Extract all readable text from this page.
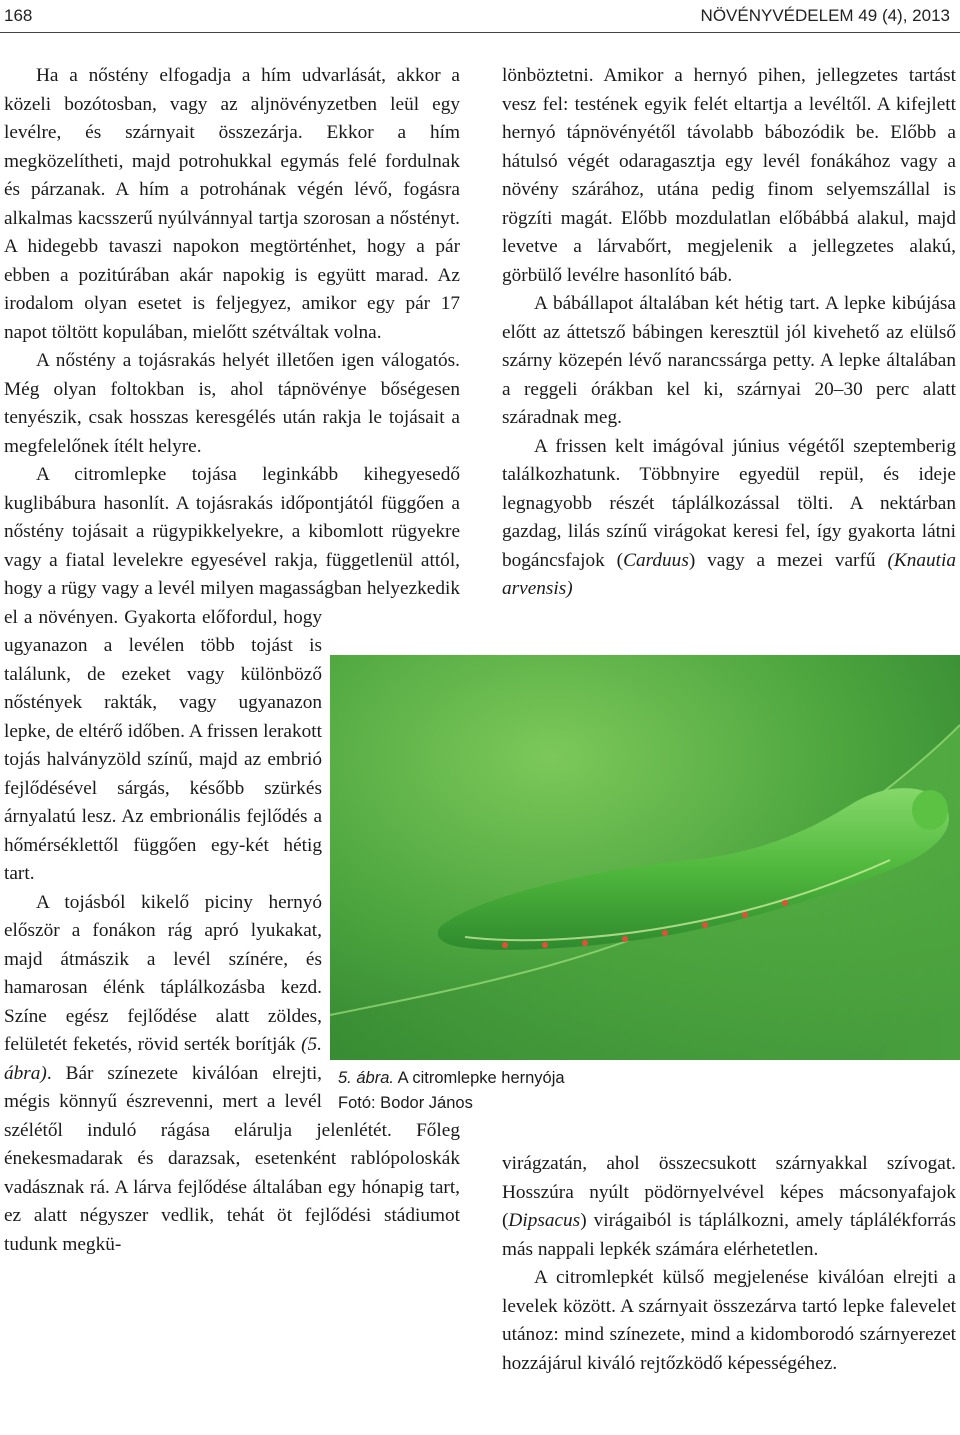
168	NÖVÉNYVÉDELEM 49 (4), 2013

Ha a nőstény elfogadja a hím udvarlását, akkor a közeli bozótosban, vagy az aljnövényzetben leül egy levélre, és szárnyait összezárja. Ekkor a hím megközelítheti, majd potrohukkal egymás felé fordulnak és párzanak. A hím a potrohának végén lévő, fogásra alkalmas kacsszerű nyúlvánnyal tartja szorosan a nőstényt. A hidegebb tavaszi napokon megtörténhet, hogy a pár ebben a pozitúrában akár napokig is együtt marad. Az irodalom olyan esetet is feljegyez, amikor egy pár 17 napot töltött kopulában, mielőtt szétváltak volna.

A nőstény a tojásrakás helyét illetően igen válogatós. Még olyan foltokban is, ahol tápnövénye bőségesen tenyészik, csak hosszas keresgélés után rakja le tojásait a megfelelőnek ítélt helyre.

A citromlepke tojása leginkább kihegyesedő kuglibábura hasonlít. A tojásrakás időpontjától függően a nőstény tojásait a rügypikkelyekre, a kibomlott rügyekre vagy a fiatal levelekre egyesével rakja, függetlenül attól, hogy a rügy vagy a levél milyen magasságban helyezkedik el a növényen. Gyakorta előfordul, hogy ugyanazon a levélen több tojást is találunk, de ezeket vagy különböző nőstények rakták, vagy ugyanazon lepke, de eltérő időben. A frissen lerakott tojás halványzöld színű, majd az embrió fejlődésével sárgás, később szürkés árnyalatú lesz. Az embrionális fejlődés a hőmérséklettől függően egy-két hétig tart.

A tojásból kikelő piciny hernyó először a fonákon rág apró lyukakat, majd átmászik a levél színére, és hamarosan élénk táplálkozásba kezd. Színe egész fejlődése alatt zöldes, felületét feketés, rövid serték borítják (5. ábra). Bár színezete kiválóan elrejti, mégis könnyű észrevenni, mert a levél szélétől induló rágása elárulja jelenlétét. Főleg énekesmadarak és darazsak, esetenként rablópoloskák vadásznak rá. A lárva fejlődése általában egy hónapig tart, ez alatt négyszer vedlik, tehát öt fejlődési stádiumot tudunk megkü-

lönböztetni. Amikor a hernyó pihen, jellegzetes tartást vesz fel: testének egyik felét eltartja a levéltől. A kifejlett hernyó tápnövényétől távolabb bábozódik be. Előbb a hátulsó végét odaragasztja egy levél fonákához vagy a növény szárához, utána pedig finom selyemszállal is rögzíti magát. Előbb mozdulatlan előbábbá alakul, majd levetve a lárvabőrt, megjelenik a jellegzetes alakú, görbülő levélre hasonlító báb.

A bábállapot általában két hétig tart. A lepke kibújása előtt az áttetsző bábingen keresztül jól kivehető az elülső szárny közepén lévő narancssárga petty. A lepke általában a reggeli órákban kel ki, szárnyai 20–30 perc alatt száradnak meg.

A frissen kelt imágóval június végétől szeptemberig találkozhatunk. Többnyire egyedül repül, és ideje legnagyobb részét táplálkozással tölti. A nektárban gazdag, lilás színű virágokat keresi fel, így gyakorta látni bogáncsfajok (Carduus) vagy a mezei varfű (Knautia arvensis)

5. ábra. A citromlepke hernyója
Fotó: Bodor János

virágzatán, ahol összecsukott szárnyakkal szívogat. Hosszúra nyúlt pödörnyelvével képes mácsonyafajok (Dipsacus) virágaiból is táplálkozni, amely táplálékforrás más nappali lepkék számára elérhetetlen.

A citromlepkét külső megjelenése kiválóan elrejti a levelek között. A szárnyait összezárva tartó lepke falevelet utánoz: mind színezete, mind a kidomborodó szárnyerezet hozzájárul kiváló rejtőzködő képességéhez.
